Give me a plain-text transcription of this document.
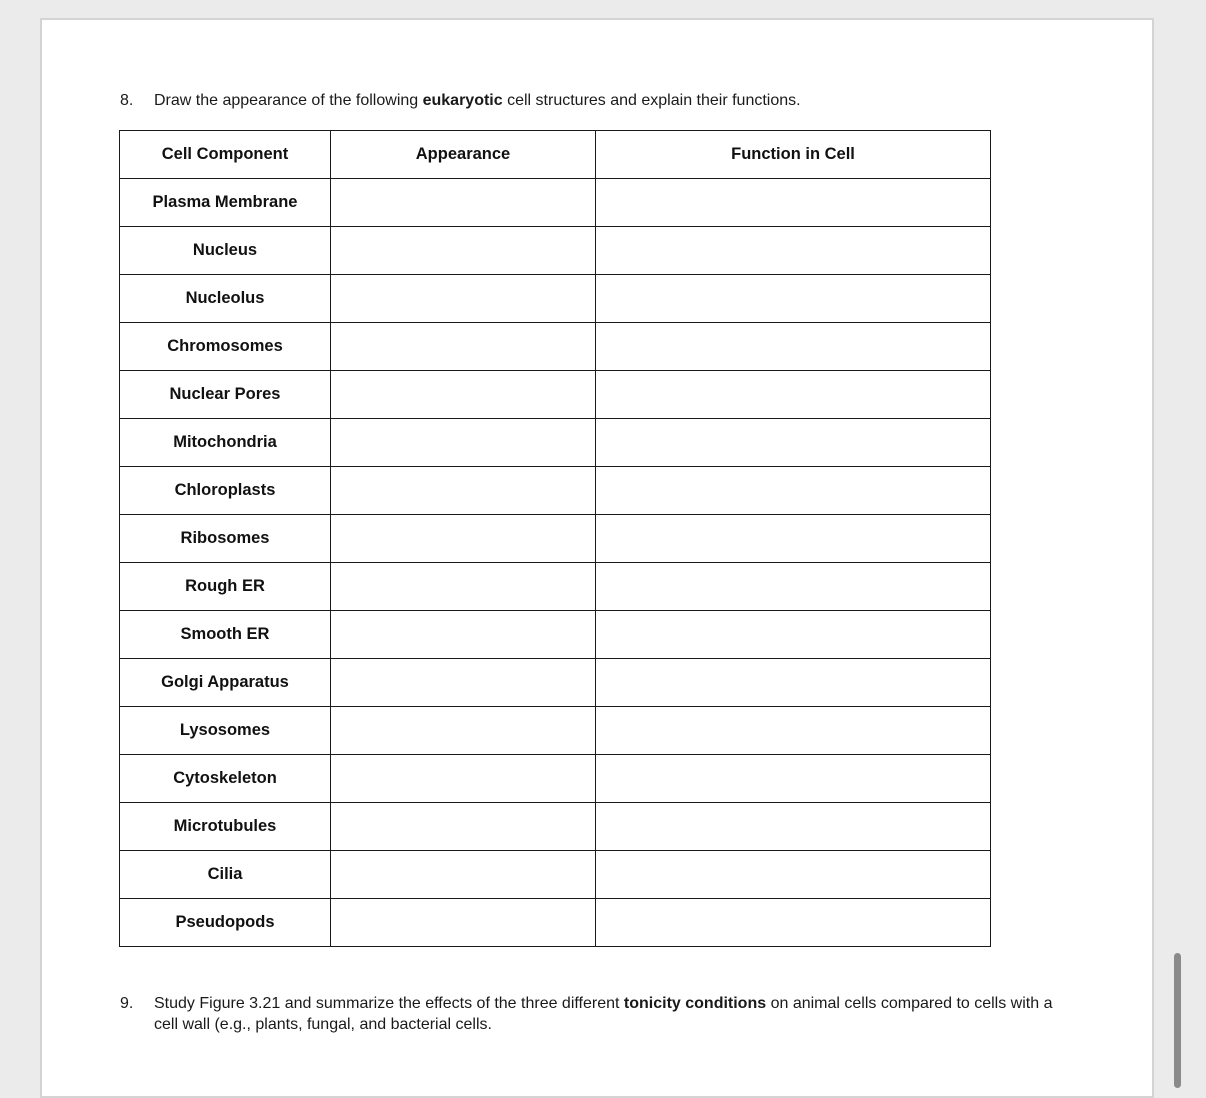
8. Draw the appearance of the following eukaryotic cell structures and explain their functions.
Cell Component	Appearance	Function in Cell
Plasma Membrane		
Nucleus		
Nucleolus		
Chromosomes		
Nuclear Pores		
Mitochondria		
Chloroplasts		
Ribosomes		
Rough ER		
Smooth ER		
Golgi Apparatus		
Lysosomes		
Cytoskeleton		
Microtubules		
Cilia		
Pseudopods		
9. Study Figure 3.21 and summarize the effects of the three different tonicity conditions on animal cells compared to cells with a cell wall (e.g., plants, fungal, and bacterial cells.
